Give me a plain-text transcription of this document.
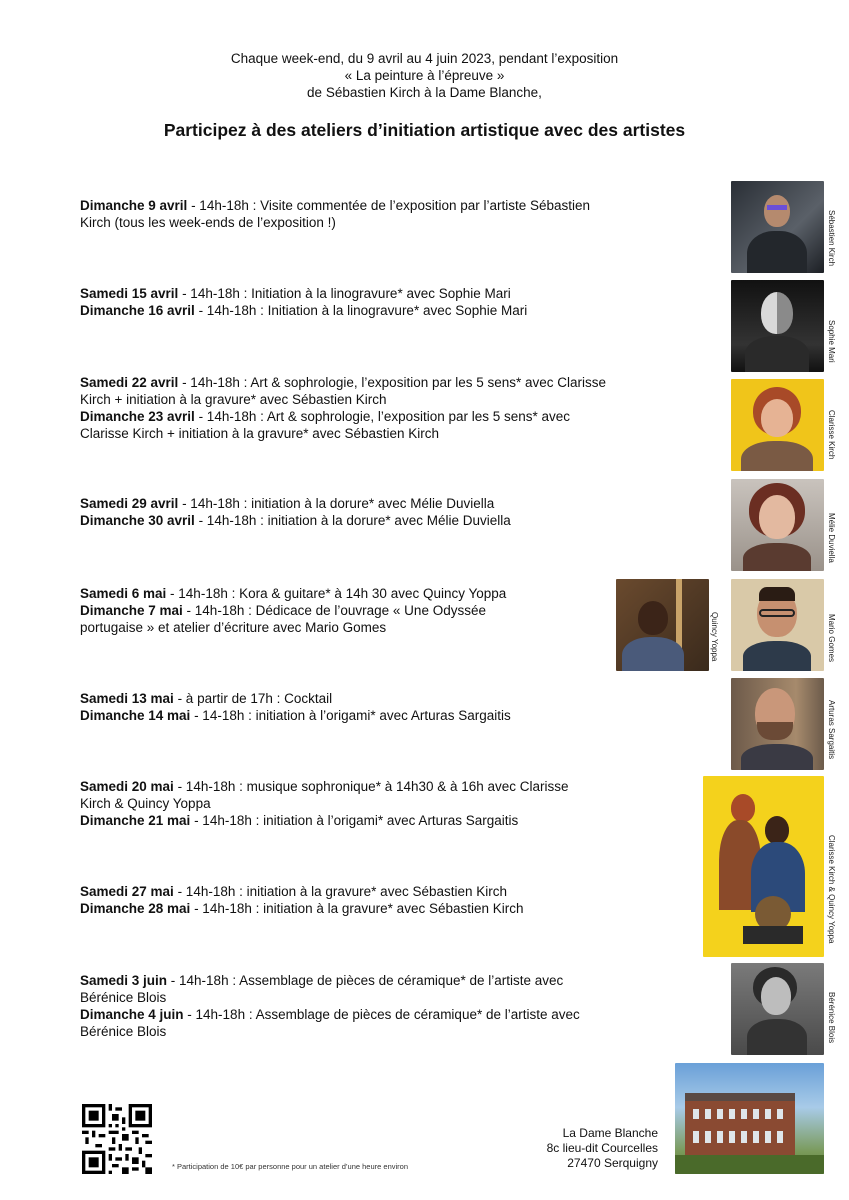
Chaque week-end, du 9 avril au 4 juin 2023, pendant l’exposition
« La peinture à l’épreuve »
de Sébastien Kirch à la Dame Blanche,
Participez à des ateliers d’initiation artistique avec des artistes

Dimanche 9 avril - 14h-18h : Visite commentée de l’exposition par l’artiste Sébastien

Kirch (tous les week-ends de l’exposition !)

Samedi 15 avril - 14h-18h : Initiation à la linogravure* avec Sophie Mari

Dimanche 16 avril - 14h-18h : Initiation à la linogravure* avec Sophie Mari

Samedi 22 avril - 14h-18h : Art & sophrologie, l’exposition par les 5 sens* avec Clarisse

Kirch + initiation à la gravure* avec Sébastien Kirch

Dimanche 23 avril - 14h-18h : Art & sophrologie, l’exposition par les 5 sens* avec

Clarisse Kirch + initiation à la gravure* avec Sébastien Kirch

Samedi 29 avril - 14h-18h : initiation à la dorure* avec Mélie Duviella

Dimanche 30 avril - 14h-18h : initiation à la dorure* avec Mélie Duviella

Samedi 6 mai - 14h-18h : Kora & guitare* à 14h 30 avec Quincy Yoppa

Dimanche 7 mai - 14h-18h : Dédicace de l’ouvrage « Une Odyssée

portugaise » et atelier d’écriture avec Mario Gomes

Samedi 13 mai - à partir de 17h : Cocktail

Dimanche 14 mai - 14-18h : initiation à l’origami* avec Arturas Sargaitis

Samedi 20 mai - 14h-18h : musique sophronique* à 14h30 & à 16h avec Clarisse

Kirch & Quincy Yoppa

Dimanche 21 mai - 14h-18h : initiation à l’origami* avec Arturas Sargaitis

Samedi 27 mai - 14h-18h : initiation à la gravure* avec Sébastien Kirch

Dimanche 28 mai - 14h-18h : initiation à la gravure* avec Sébastien Kirch

Samedi 3 juin - 14h-18h : Assemblage de pièces de céramique* de l’artiste avec

Bérénice Blois

Dimanche 4 juin - 14h-18h : Assemblage de pièces de céramique* de l’artiste avec

Bérénice Blois

Sébastien Kirch
Sophie Mari
Clarisse Kirch
Mélie Duviella
Quincy Yoppa	Mario Gomes
Arturas Sargaitis
Clarisse Kirch & Quincy Yoppa
Bérénice Blois
* Participation de 10€ par personne pour un atelier d’une heure environ
La Dame Blanche
8c lieu-dit Courcelles
27470 Serquigny
